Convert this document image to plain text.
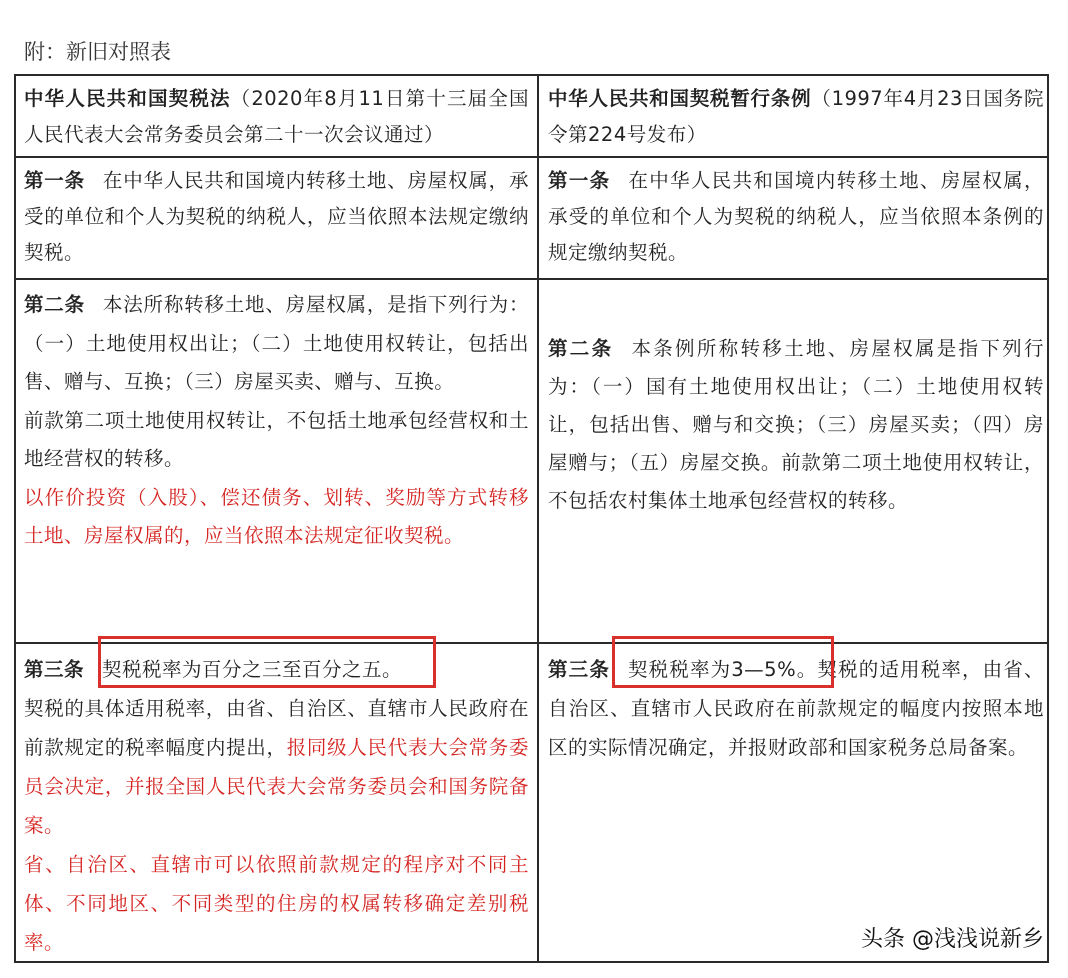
附：新旧对照表
中华人民共和国契税法（2020年8月11日第十三届全国人民代表大会常务委员会第二十一次会议通过）
中华人民共和国契税暂行条例（1997年4月23日国务院令第224号发布）
第一条 在中华人民共和国境内转移土地、房屋权属，承受的单位和个人为契税的纳税人，应当依照本法规定缴纳契税。
第一条 在中华人民共和国境内转移土地、房屋权属，承受的单位和个人为契税的纳税人，应当依照本条例的规定缴纳契税。
第二条 本法所称转移土地、房屋权属，是指下列行为：（一）土地使用权出让；（二）土地使用权转让，包括出售、赠与、互换；（三）房屋买卖、赠与、互换。
前款第二项土地使用权转让，不包括土地承包经营权和土地经营权的转移。
以作价投资（入股）、偿还债务、划转、奖励等方式转移土地、房屋权属的，应当依照本法规定征收契税。
第二条 本条例所称转移土地、房屋权属是指下列行为：（一）国有土地使用权出让；（二）土地使用权转让，包括出售、赠与和交换；（三）房屋买卖；（四）房屋赠与；（五）房屋交换。前款第二项土地使用权转让，不包括农村集体土地承包经营权的转移。
第三条 契税税率为百分之三至百分之五。
契税的具体适用税率，由省、自治区、直辖市人民政府在前款规定的税率幅度内提出，报同级人民代表大会常务委员会决定，并报全国人民代表大会常务委员会和国务院备案。
省、自治区、直辖市可以依照前款规定的程序对不同主体、不同地区、不同类型的住房的权属转移确定差别税率。
第三条 契税税率为3—5%。契税的适用税率，由省、自治区、直辖市人民政府在前款规定的幅度内按照本地区的实际情况确定，并报财政部和国家税务总局备案。
头条 @浅浅说新乡
